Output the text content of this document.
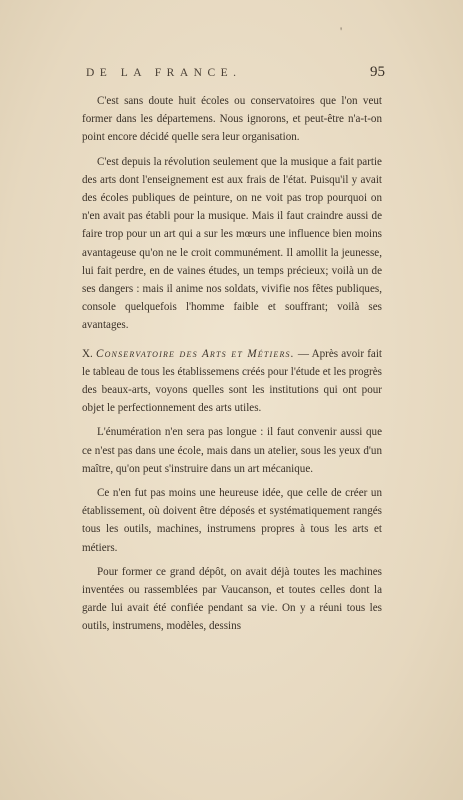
'
DE LA FRANCE.	95

C'est sans doute huit écoles ou conservatoires que l'on veut former dans les départemens. Nous ignorons, et peut-être n'a-t-on point encore décidé quelle sera leur organisation.

C'est depuis la révolution seulement que la musique a fait partie des arts dont l'enseignement est aux frais de l'état. Puisqu'il y avait des écoles publiques de peinture, on ne voit pas trop pourquoi on n'en avait pas établi pour la musique. Mais il faut craindre aussi de faire trop pour un art qui a sur les mœurs une influence bien moins avantageuse qu'on ne le croit communément. Il amollit la jeunesse, lui fait perdre, en de vaines études, un temps précieux; voilà un de ses dangers : mais il anime nos soldats, vivifie nos fêtes publiques, console quelquefois l'homme faible et souffrant; voilà ses avantages.

X. Conservatoire des Arts et Métiers. — Après avoir fait le tableau de tous les établissemens créés pour l'étude et les progrès des beaux-arts, voyons quelles sont les institutions qui ont pour objet le perfectionnement des arts utiles.

L'énumération n'en sera pas longue : il faut convenir aussi que ce n'est pas dans une école, mais dans un atelier, sous les yeux d'un maître, qu'on peut s'instruire dans un art mécanique.

Ce n'en fut pas moins une heureuse idée, que celle de créer un établissement, où doivent être déposés et systématiquement rangés tous les outils, machines, instrumens propres à tous les arts et métiers.

Pour former ce grand dépôt, on avait déjà toutes les machines inventées ou rassemblées par Vaucanson, et toutes celles dont la garde lui avait été confiée pendant sa vie. On y a réuni tous les outils, instrumens, modèles, dessins
